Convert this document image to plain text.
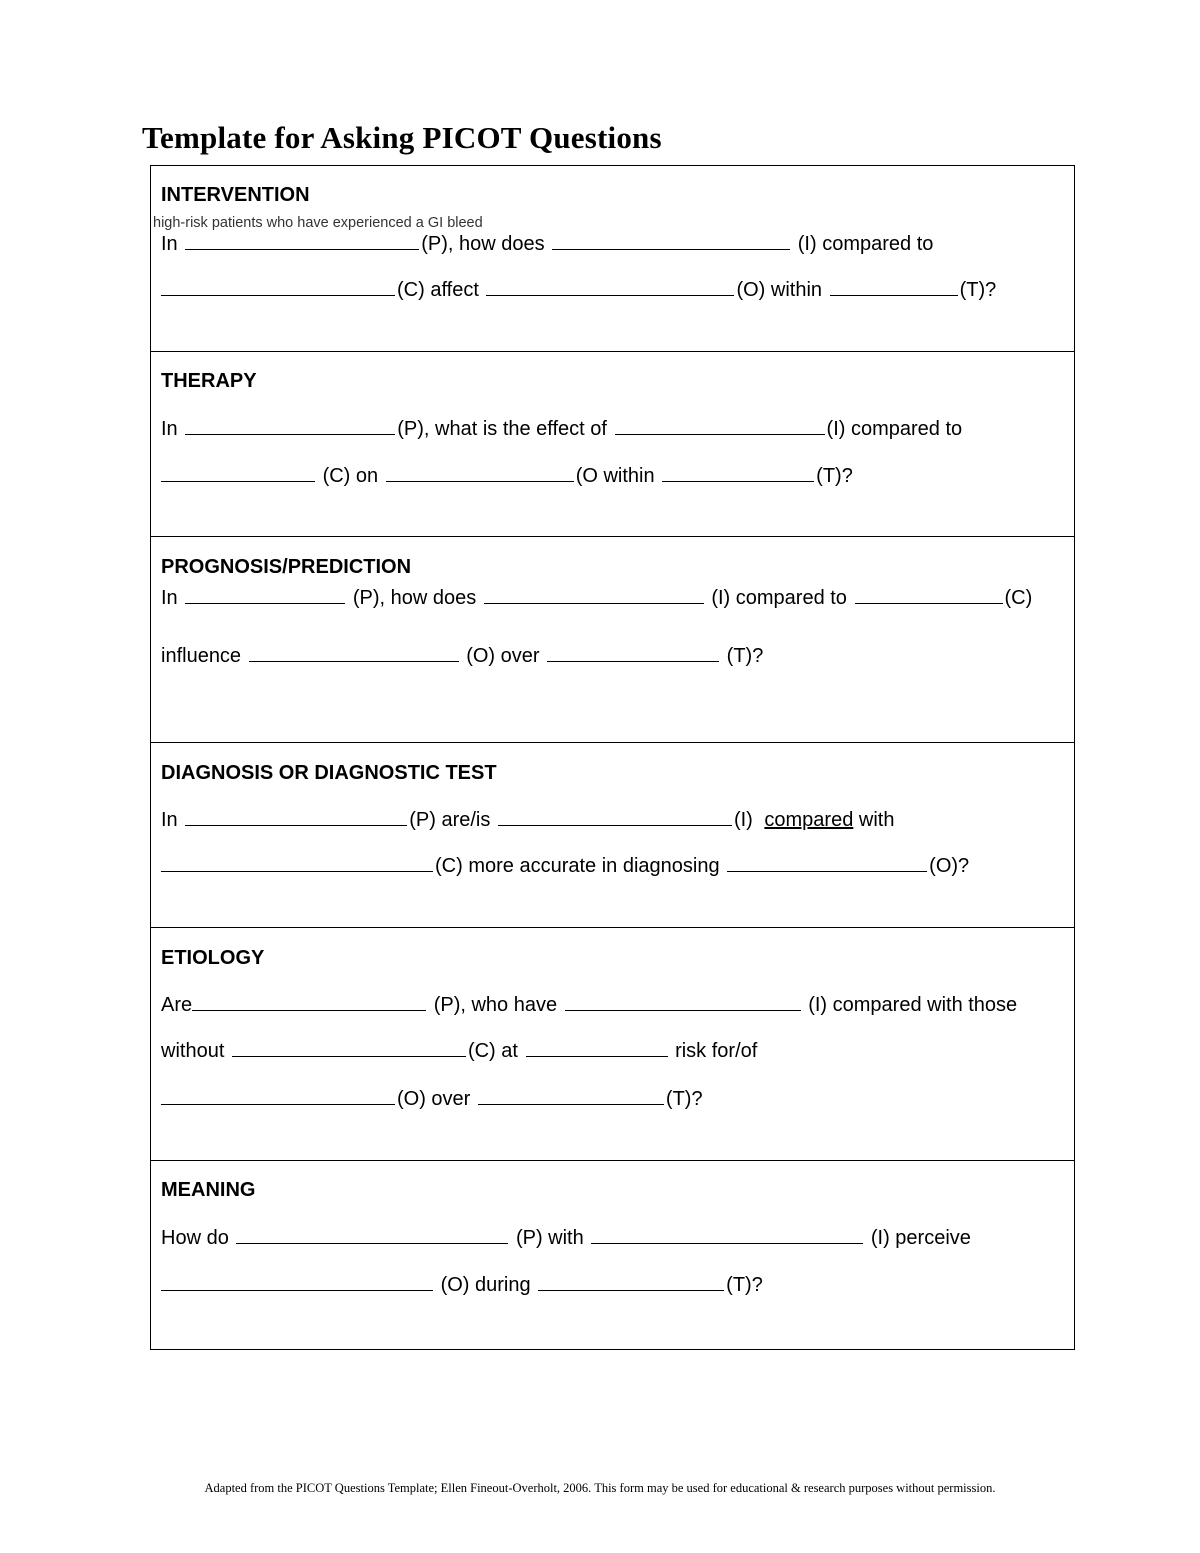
Template for Asking PICOT Questions

INTERVENTION

high-risk patients who have experienced a GI bleed

In	(P), how does	(I) compared to

(C) affect	(O) within	(T)?

THERAPY

In	(P), what is the effect of	(I) compared to

(C) on	(O within	(T)?

PROGNOSIS/PREDICTION

In	(P), how does	(I) compared to	(C)

influence	(O) over	(T)?

DIAGNOSIS OR DIAGNOSTIC TEST

In	(P) are/is	(I) compared with

(C) more accurate in diagnosing	(O)?

ETIOLOGY

Are	(P), who have	(I) compared with those

without	(C) at	risk for/of

(O) over	(T)?

MEANING

How do	(P) with	(I) perceive

(O) during	(T)?

Adapted from the PICOT Questions Template; Ellen Fineout-Overholt, 2006. This form may be used for educational & research purposes without permission.
